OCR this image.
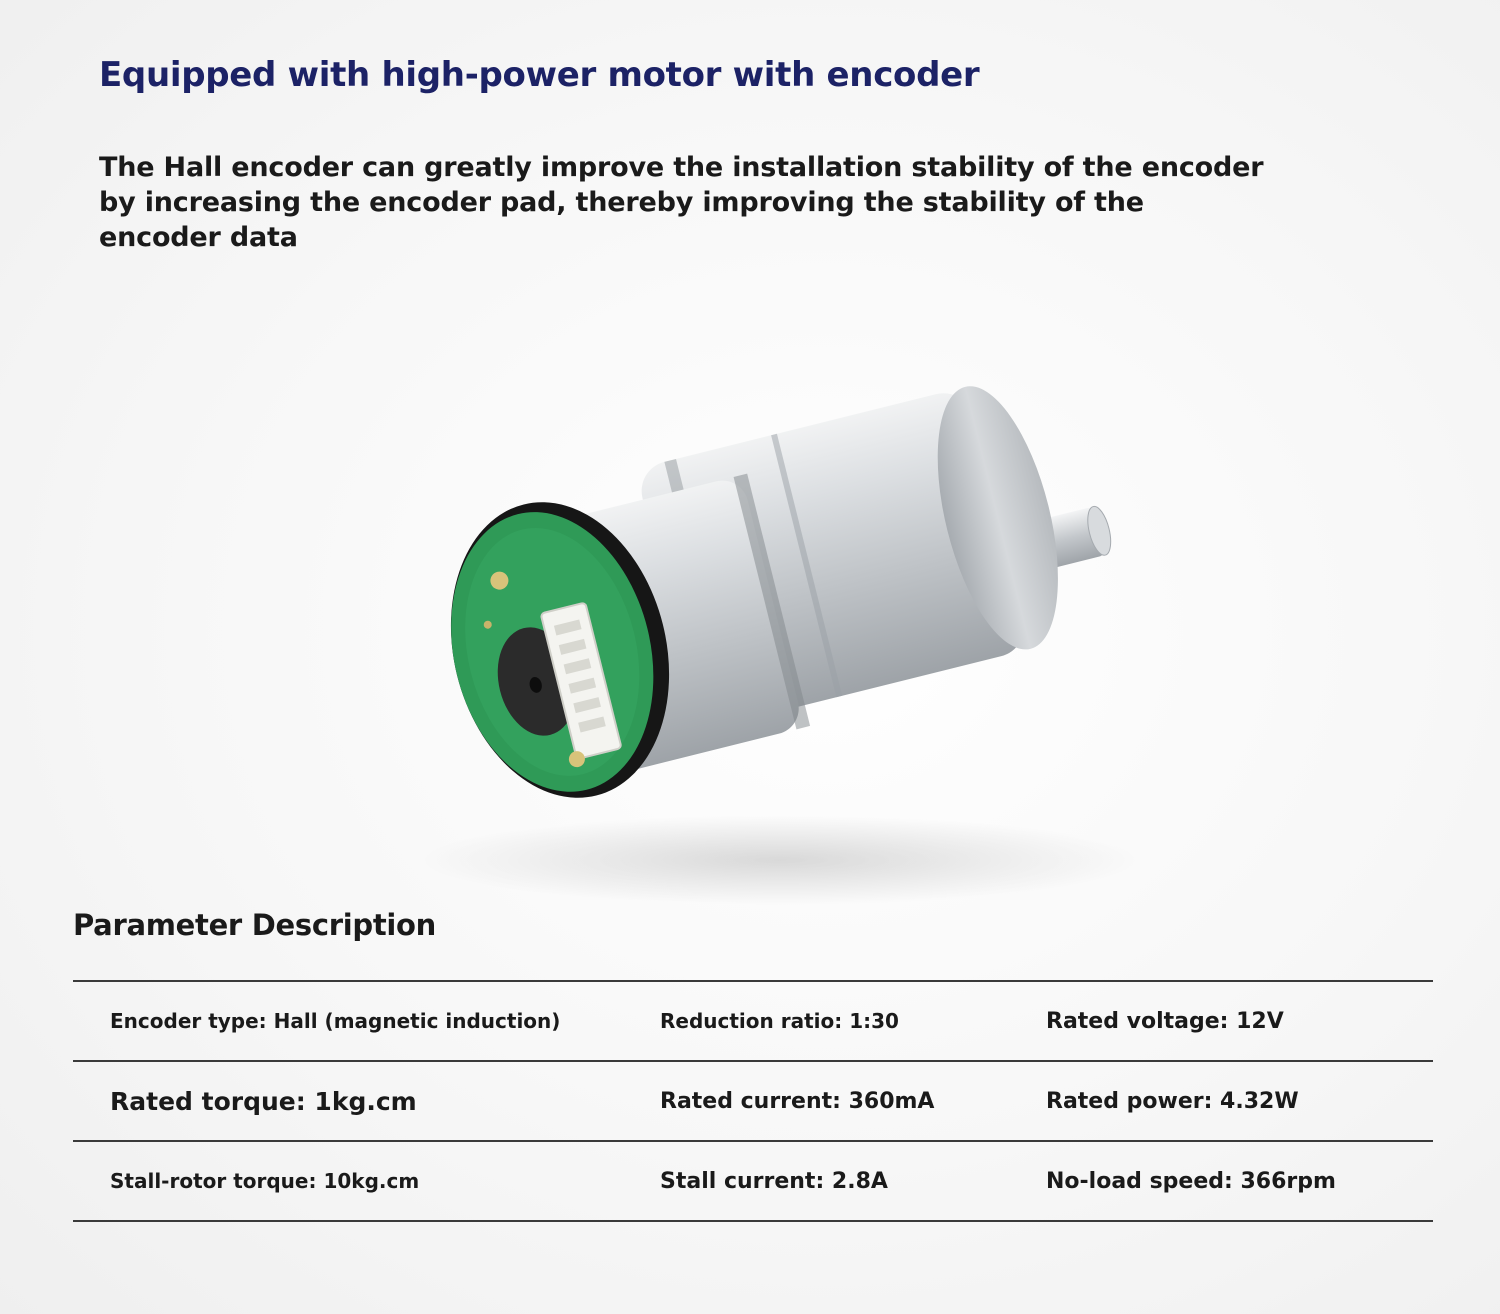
Equipped with high-power motor with encoder
The Hall encoder can greatly improve the installation stability of the encoder
by increasing the encoder pad, thereby improving the stability of the
encoder data
Parameter Description
Encoder type: Hall (magnetic induction)	Reduction ratio: 1:30	Rated voltage: 12V
Rated torque: 1kg.cm	Rated current: 360mA	Rated power: 4.32W
Stall-rotor torque: 10kg.cm	Stall current: 2.8A	No-load speed: 366rpm
